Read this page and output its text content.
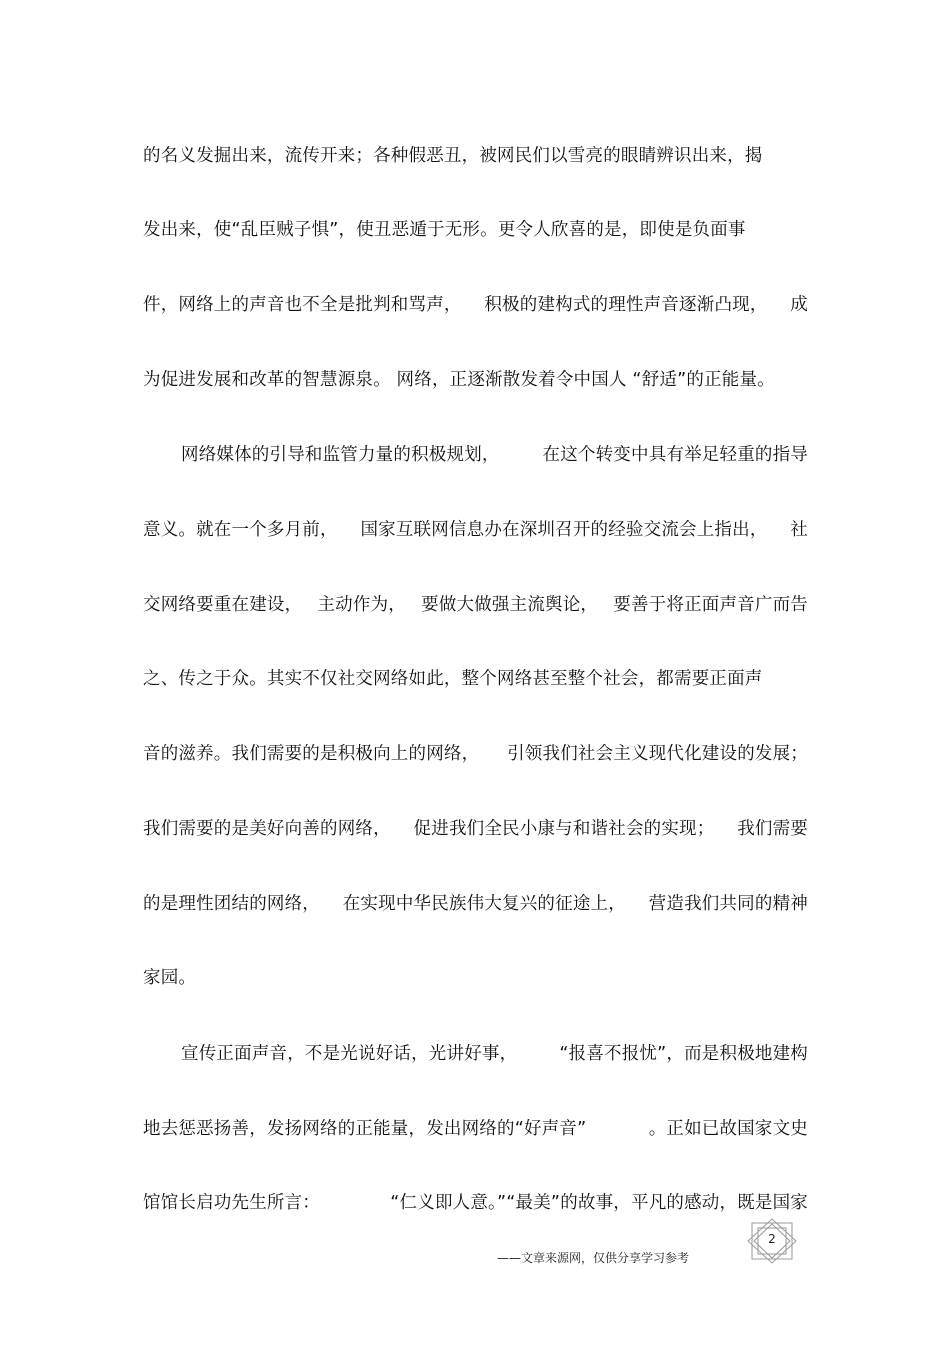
的名义发掘出来，流传开来；各种假恶丑，被网民们以雪亮的眼睛辨识出来，揭
发出来，使“乱臣贼子惧”，使丑恶遁于无形。更令人欣喜的是，即使是负面事
件，网络上的声音也不全是批判和骂声， 积极的建构式的理性声音逐渐凸现， 成
为促进发展和改革的智慧源泉。 网络，正逐渐散发着令中国人 “舒适”的正能量。
网络媒体的引导和监管力量的积极规划， 在这个转变中具有举足轻重的指导
意义。就在一个多月前， 国家互联网信息办在深圳召开的经验交流会上指出， 社
交网络要重在建设， 主动作为， 要做大做强主流舆论， 要善于将正面声音广而告
之、传之于众。其实不仅社交网络如此，整个网络甚至整个社会，都需要正面声
音的滋养。我们需要的是积极向上的网络， 引领我们社会主义现代化建设的发展；
我们需要的是美好向善的网络， 促进我们全民小康与和谐社会的实现； 我们需要
的是理性团结的网络， 在实现中华民族伟大复兴的征途上， 营造我们共同的精神
家园。
宣传正面声音，不是光说好话，光讲好事， “报喜不报忧”，而是积极地建构
地去惩恶扬善，发扬网络的正能量，发出网络的“好声音”	。正如已故国家文史
馆馆长启功先生所言：	“仁义即人意。”“最美”的故事，平凡的感动，既是国家
2
——文章来源网，仅供分享学习参考
